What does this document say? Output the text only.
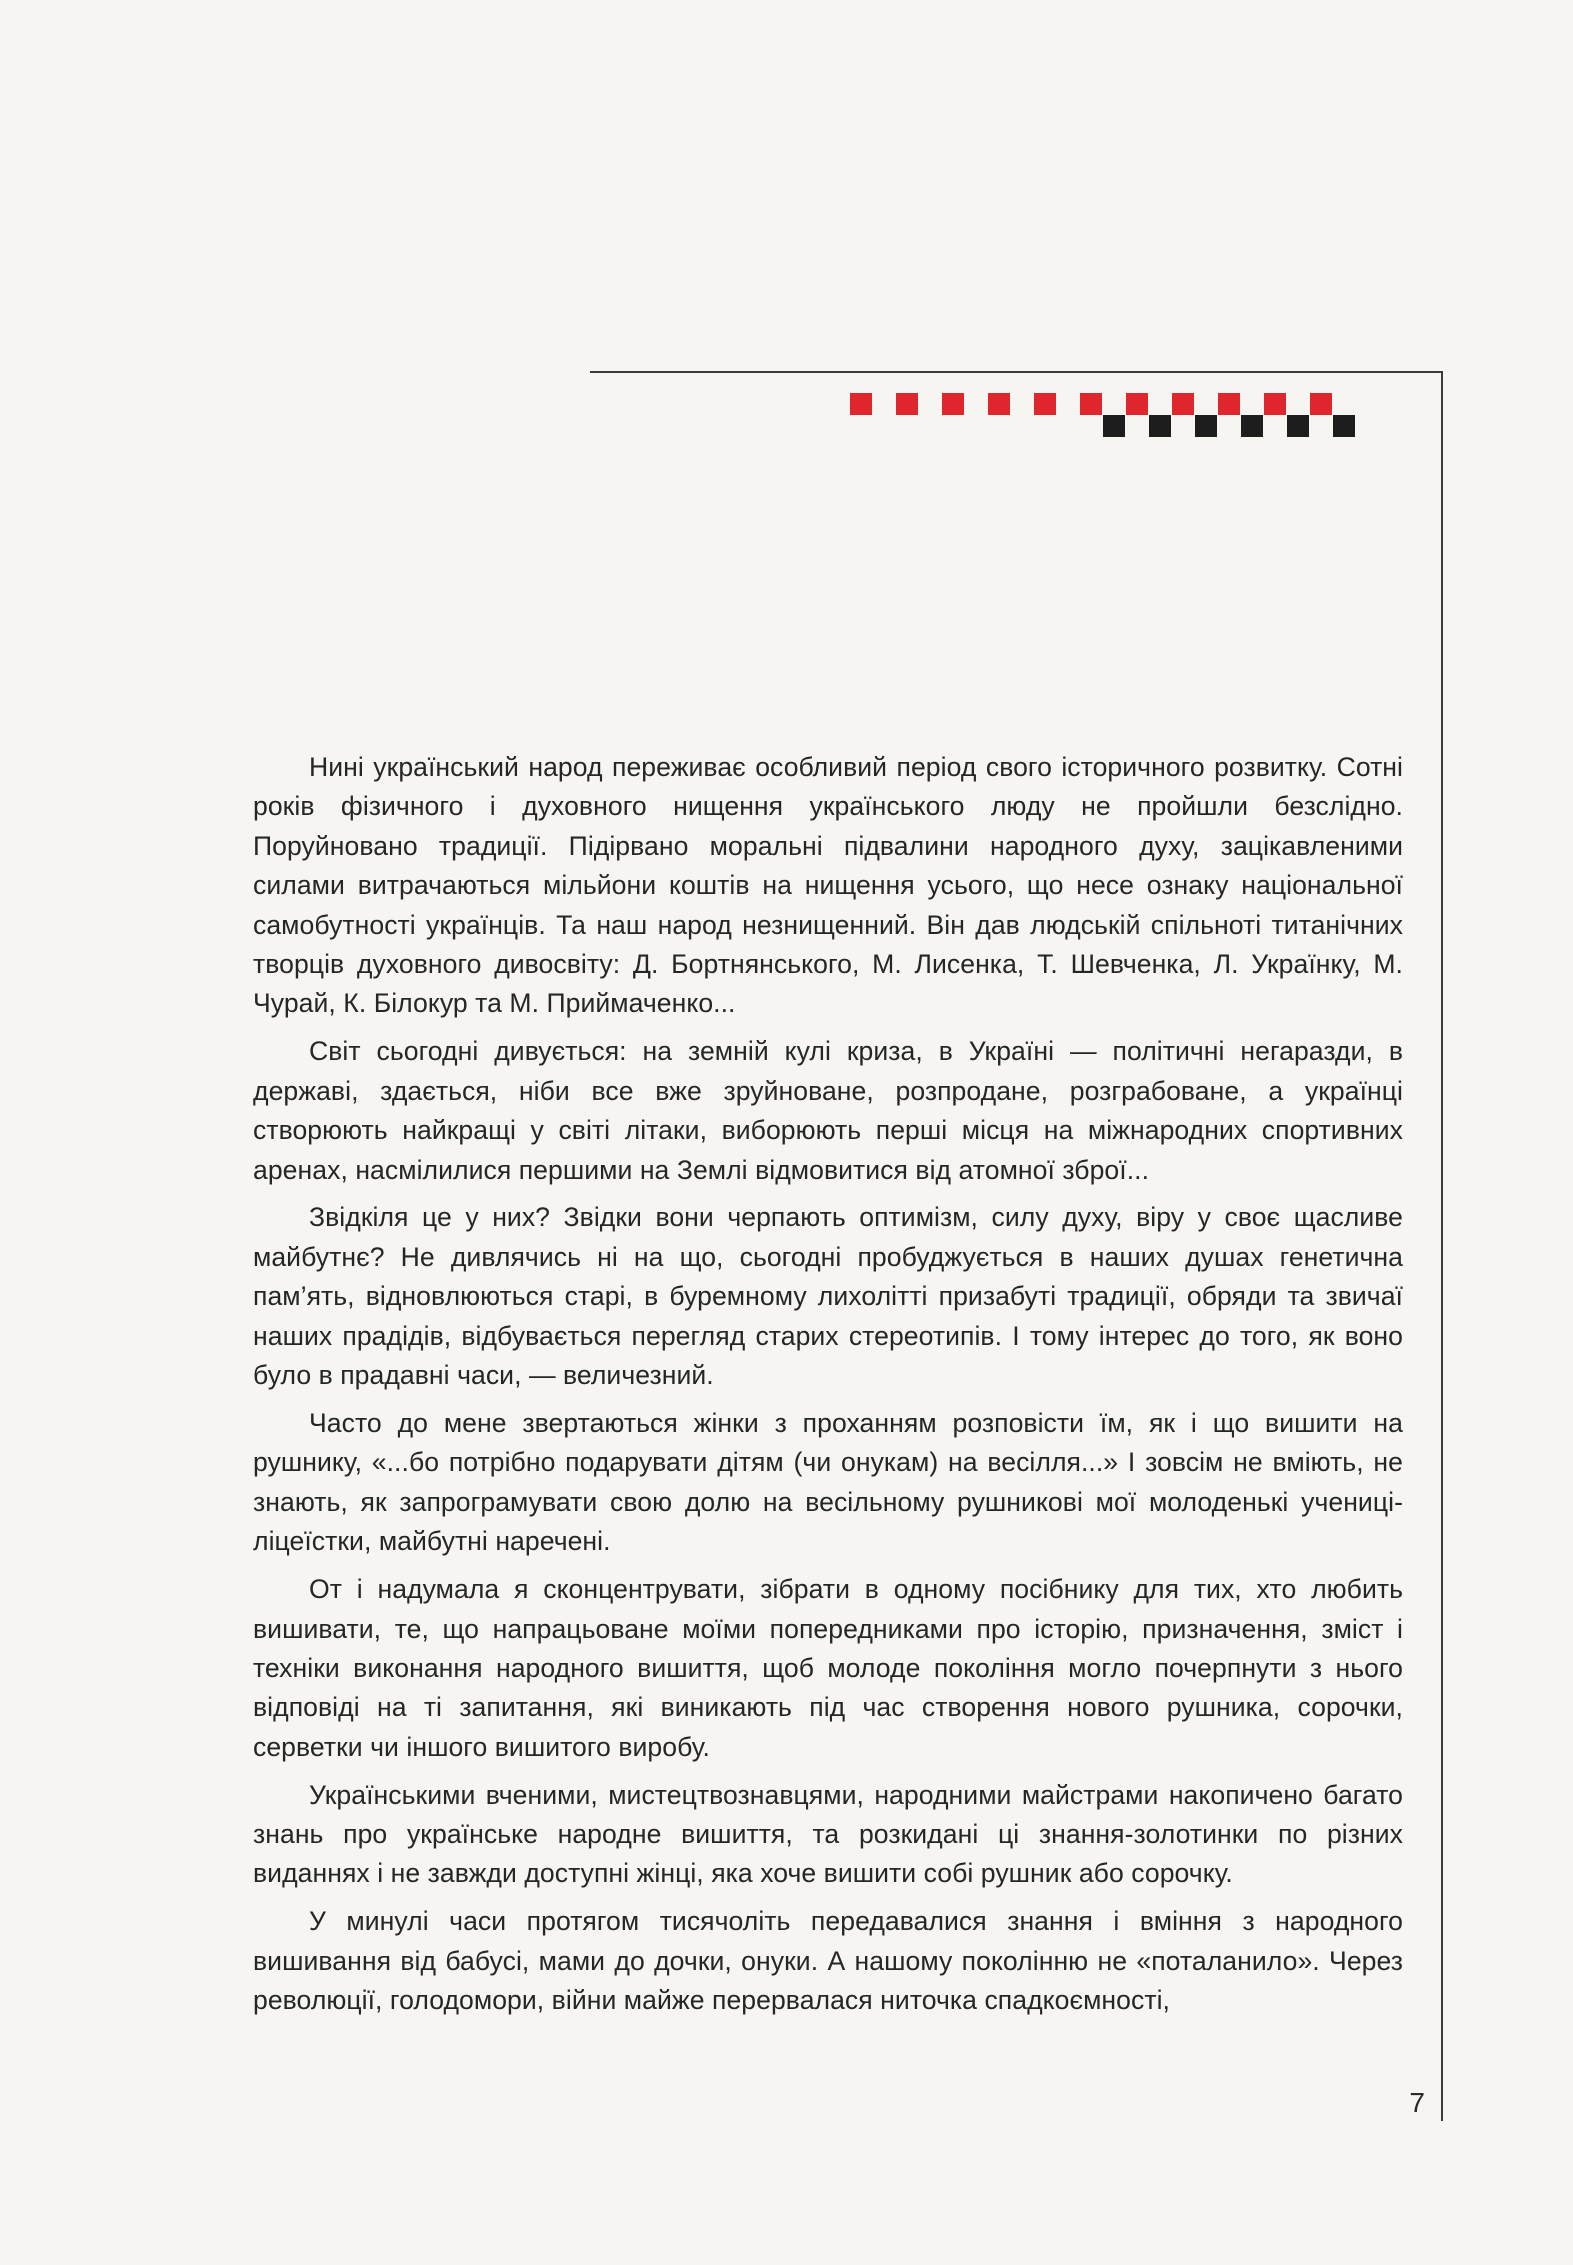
Нині український народ переживає особливий період свого історичного розвитку. Сотні років фізичного і духовного нищення українського люду не пройшли безслідно. Поруйновано традиції. Підірвано моральні підвалини народного духу, зацікавленими силами витрачаються мільйони коштів на нищення усього, що несе ознаку національної самобутності українців. Та наш народ незнищенний. Він дав людській спільноті титанічних творців духовного дивосвіту: Д. Бортнянського, М. Лисенка, Т. Шевченка, Л. Українку, М. Чурай, К. Білокур та М. Приймаченко...

Світ сьогодні дивується: на земній кулі криза, в Україні — політичні негаразди, в державі, здається, ніби все вже зруйноване, розпродане, розграбоване, а українці створюють найкращі у світі літаки, виборюють перші місця на міжнародних спортивних аренах, насмілилися першими на Землі відмовитися від атомної зброї...

Звідкіля це у них? Звідки вони черпають оптимізм, силу духу, віру у своє щасливе майбутнє? Не дивлячись ні на що, сьогодні пробуджується в наших душах генетична пам’ять, відновлюються старі, в буремному лихолітті призабуті традиції, обряди та звичаї наших прадідів, відбувається перегляд старих стереотипів. І тому інтерес до того, як воно було в прадавні часи, — величезний.

Часто до мене звертаються жінки з проханням розповісти їм, як і що вишити на рушнику, «...бо потрібно подарувати дітям (чи онукам) на весілля...» І зовсім не вміють, не знають, як запрограмувати свою долю на весільному рушникові мої молоденькі учениці-ліцеїстки, майбутні наречені.

От і надумала я сконцентрувати, зібрати в одному посібнику для тих, хто любить вишивати, те, що напрацьоване моїми попередниками про історію, призначення, зміст і техніки виконання народного вишиття, щоб молоде покоління могло почерпнути з нього відповіді на ті запитання, які виникають під час створення нового рушника, сорочки, серветки чи іншого вишитого виробу.

Українськими вченими, мистецтвознавцями, народними майстрами накопичено багато знань про українське народне вишиття, та розкидані ці знання-золотинки по різних виданнях і не завжди доступні жінці, яка хоче вишити собі рушник або сорочку.

У минулі часи протягом тисячоліть передавалися знання і вміння з народного вишивання від бабусі, мами до дочки, онуки. А нашому поколінню не «поталанило». Через революції, голодомори, війни майже перервалася ниточка спадкоємності,

7
